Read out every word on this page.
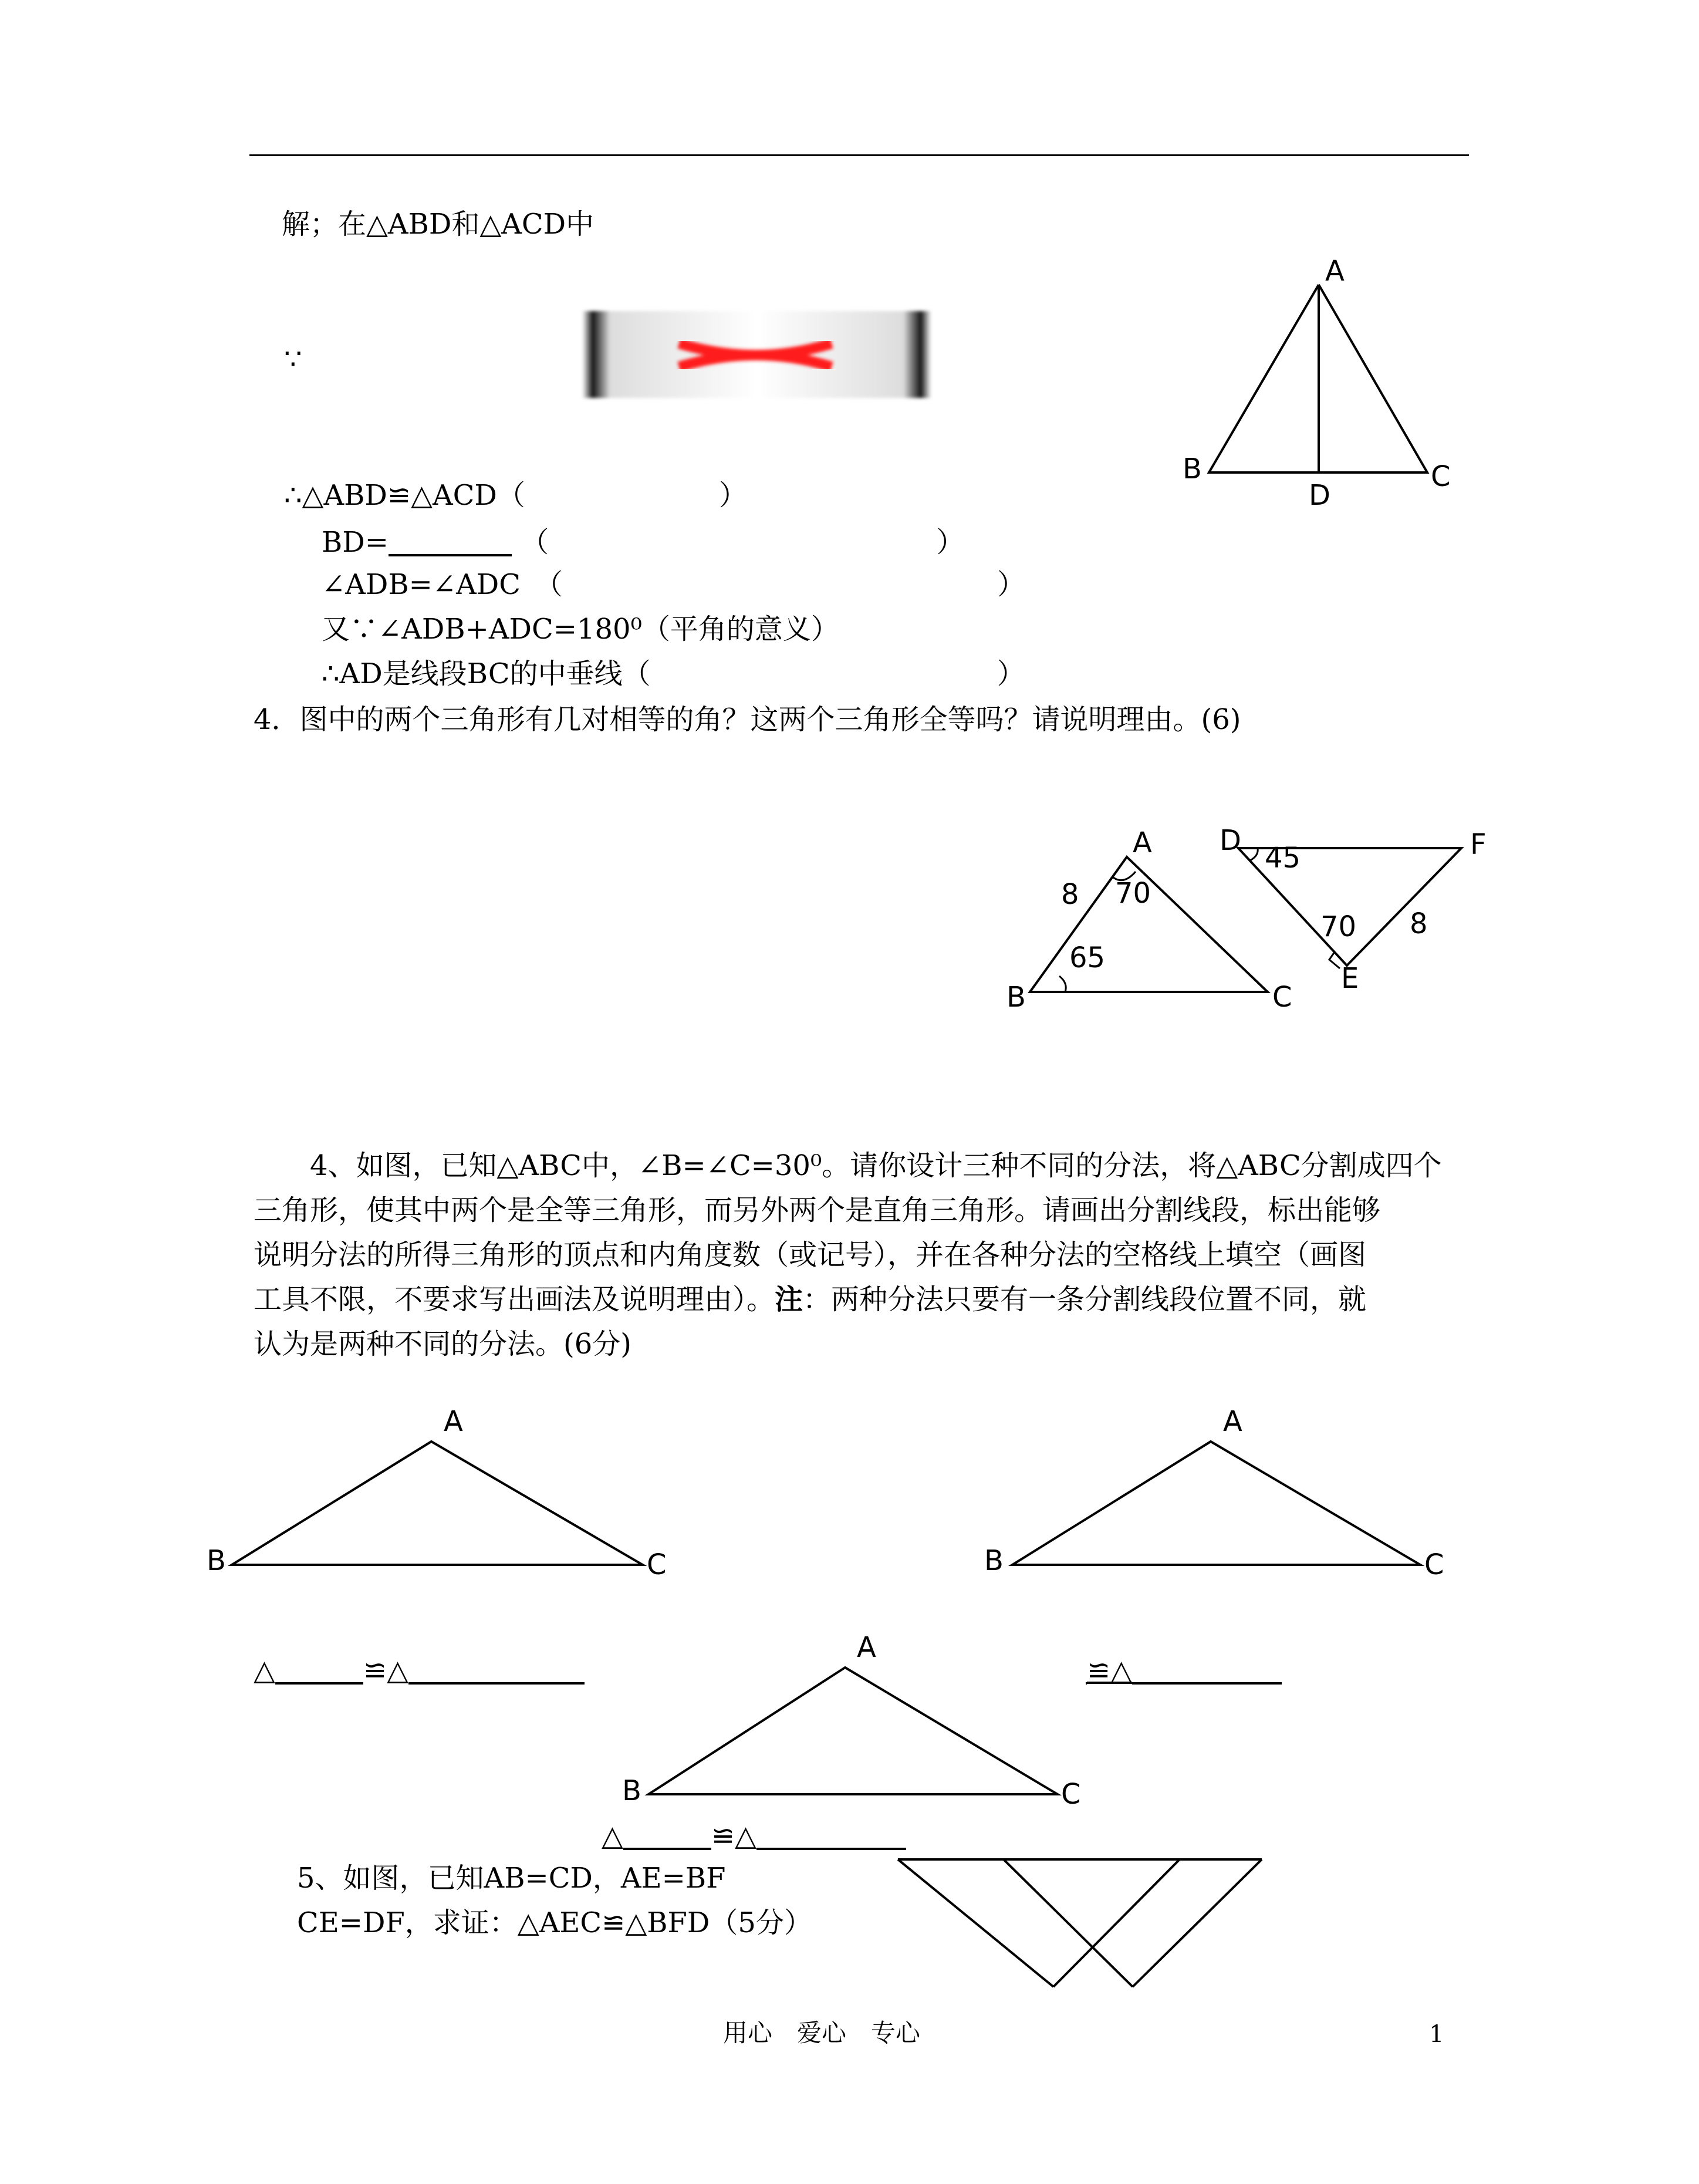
解；在△ABD和△ACD中
∵
A
B	C
D
∴△ABD≌△ACD（	）
BD=	（	）
∠ADB=∠ADC　（	）
又∵∠ADB+ADC=180⁰（平角的意义）
∴AD是线段BC的中垂线（	）
4．图中的两个三角形有几对相等的角？这两个三角形全等吗？请说明理由。(6)
A
B	C
8 70
65
D
E
F
45
70 8
4、如图，已知△ABC中，∠B=∠C=30⁰。请你设计三种不同的分法，将△ABC分割成四个
三角形，使其中两个是全等三角形，而另外两个是直角三角形。请画出分割线段，标出能够
说明分法的所得三角形的顶点和内角度数（或记号），并在各种分法的空格线上填空（画图
工具不限，不要求写出画法及说明理由）。注：两种分法只要有一条分割线段位置不同，就
认为是两种不同的分法。(6分)
A
B	C
A
B	C
A
B	C
△	≌△	≌△
△	≌△
5、如图，已知AB=CD，AE=BF
CE=DF，求证：△AEC≌△BFD（5分）
用心　爱心　专心	1
